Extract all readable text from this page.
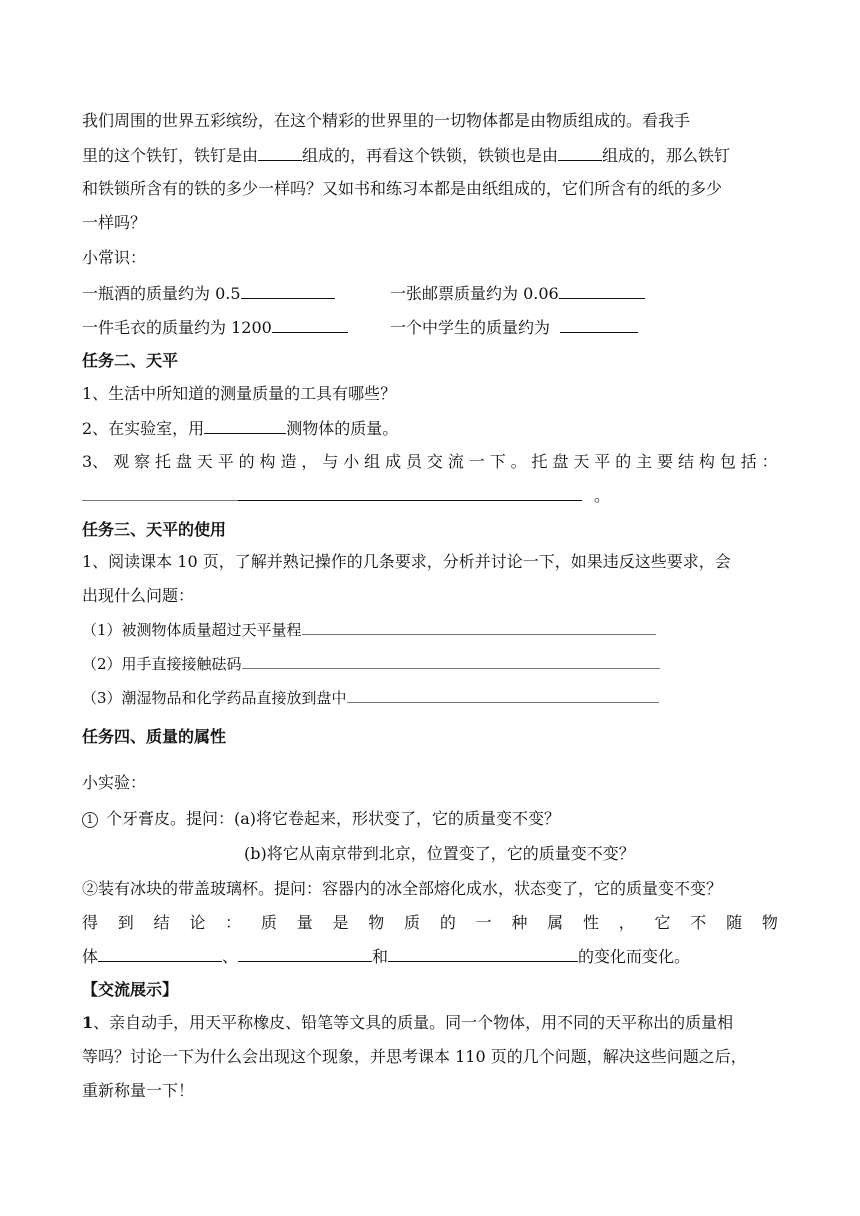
我们周围的世界五彩缤纷，在这个精彩的世界里的一切物体都是由物质组成的。看我手
里的这个铁钉，铁钉是由	组成的，再看这个铁锁，铁锁也是由	组成的，那么铁钉
和铁锁所含有的铁的多少一样吗？又如书和练习本都是由纸组成的，它们所含有的纸的多少
一样吗？
小常识：
一瓶酒的质量约为 0.5	一张邮票质量约为 0.06
一件毛衣的质量约为 1200	一个中学生的质量约为
任务二、天平
1、生活中所知道的测量质量的工具有哪些？
2、在实验室，用	测物体的质量。
3、 观 察 托 盘 天 平 的 构 造 ， 与 小 组 成 员 交 流 一 下 。 托 盘 天 平 的 主 要 结 构 包 括 ：
。
任务三、天平的使用
1、阅读课本 10 页，了解并熟记操作的几条要求，分析并讨论一下，如果违反这些要求，会
出现什么问题：
（1）被测物体质量超过天平量程
（2）用手直接接触砝码
（3）潮湿物品和化学药品直接放到盘中
任务四、质量的属性
小实验：
1 个牙膏皮。提问：(a)将它卷起来，形状变了，它的质量变不变？
(b)将它从南京带到北京，位置变了，它的质量变不变？
②装有冰块的带盖玻璃杯。提问：容器内的冰全部熔化成水，状态变了，它的质量变不变？
得 到 结 论 ： 质 量 是 物 质 的 一 种 属 性 ， 它 不 随 物
体	、	和	的变化而变化。
【交流展示】
1、亲自动手，用天平称橡皮、铅笔等文具的质量。同一个物体，用不同的天平称出的质量相
等吗？讨论一下为什么会出现这个现象，并思考课本 110 页的几个问题，解决这些问题之后，
重新称量一下！
